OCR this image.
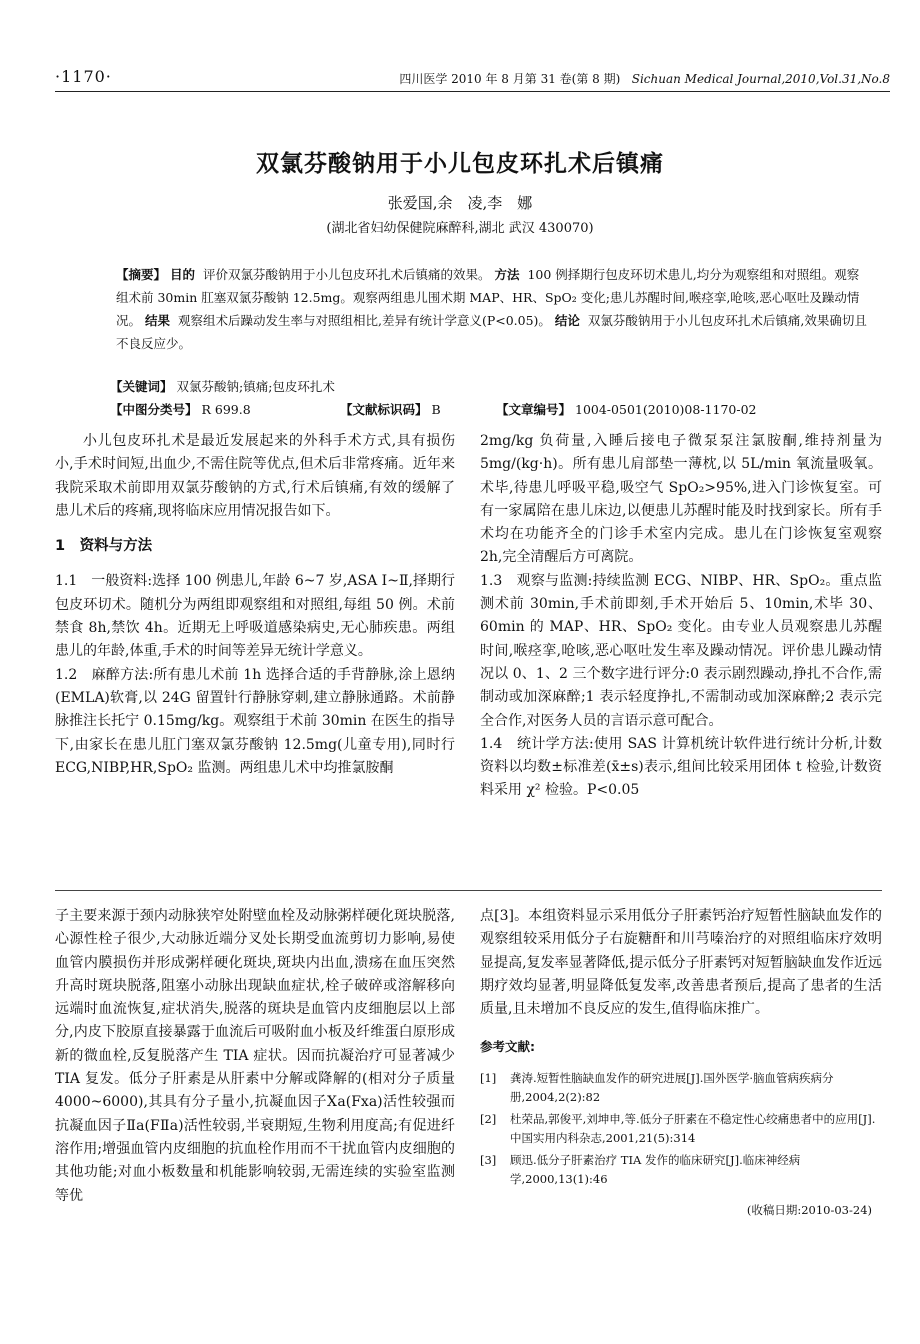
·1170·	四川医学 2010 年 8 月第 31 卷(第 8 期) Sichuan Medical Journal,2010,Vol.31,No.8
双氯芬酸钠用于小儿包皮环扎术后镇痛
张爱国,余　凌,李　娜
(湖北省妇幼保健院麻醉科,湖北 武汉 430070)
【摘要】 目的 评价双氯芬酸钠用于小儿包皮环扎术后镇痛的效果。 方法 100 例择期行包皮环切术患儿,均分为观察组和对照组。观察组术前 30min 肛塞双氯芬酸钠 12.5mg。观察两组患儿围术期 MAP、HR、SpO₂ 变化;患儿苏醒时间,喉痉挛,呛咳,恶心呕吐及躁动情况。 结果 观察组术后躁动发生率与对照组相比,差异有统计学意义(P<0.05)。 结论 双氯芬酸钠用于小儿包皮环扎术后镇痛,效果确切且不良反应少。
【关键词】 双氯芬酸钠;镇痛;包皮环扎术
【中图分类号】 R 699.8	【文献标识码】 B	【文章编号】 1004-0501(2010)08-1170-02

小儿包皮环扎术是最近发展起来的外科手术方式,具有损伤小,手术时间短,出血少,不需住院等优点,但术后非常疼痛。近年来我院采取术前即用双氯芬酸钠的方式,行术后镇痛,有效的缓解了患儿术后的疼痛,现将临床应用情况报告如下。

1　资料与方法

1.1　一般资料:选择 100 例患儿,年龄 6~7 岁,ASA Ⅰ~Ⅱ,择期行包皮环切术。随机分为两组即观察组和对照组,每组 50 例。术前禁食 8h,禁饮 4h。近期无上呼吸道感染病史,无心肺疾患。两组患儿的年龄,体重,手术的时间等差异无统计学意义。

1.2　麻醉方法:所有患儿术前 1h 选择合适的手背静脉,涂上恩纳(EMLA)软膏,以 24G 留置针行静脉穿刺,建立静脉通路。术前静脉推注长托宁 0.15mg/kg。观察组于术前 30min 在医生的指导下,由家长在患儿肛门塞双氯芬酸钠 12.5mg(儿童专用),同时行 ECG,NIBP,HR,SpO₂ 监测。两组患儿术中均推氯胺酮

2mg/kg 负荷量,入睡后接电子微泵泵注氯胺酮,维持剂量为 5mg/(kg·h)。所有患儿肩部垫一薄枕,以 5L/min 氧流量吸氧。术毕,待患儿呼吸平稳,吸空气 SpO₂>95%,进入门诊恢复室。可有一家属陪在患儿床边,以便患儿苏醒时能及时找到家长。所有手术均在功能齐全的门诊手术室内完成。患儿在门诊恢复室观察 2h,完全清醒后方可离院。

1.3　观察与监测:持续监测 ECG、NIBP、HR、SpO₂。重点监测术前 30min,手术前即刻,手术开始后 5、10min,术毕 30、60min 的 MAP、HR、SpO₂ 变化。由专业人员观察患儿苏醒时间,喉痉挛,呛咳,恶心呕吐发生率及躁动情况。评价患儿躁动情况以 0、1、2 三个数字进行评分:0 表示剧烈躁动,挣扎不合作,需制动或加深麻醉;1 表示轻度挣扎,不需制动或加深麻醉;2 表示完全合作,对医务人员的言语示意可配合。

1.4　统计学方法:使用 SAS 计算机统计软件进行统计分析,计数资料以均数±标准差(x̄±s)表示,组间比较采用团体 t 检验,计数资料采用 χ² 检验。P<0.05

子主要来源于颈内动脉狭窄处附壁血栓及动脉粥样硬化斑块脱落,心源性栓子很少,大动脉近端分叉处长期受血流剪切力影响,易使血管内膜损伤并形成粥样硬化斑块,斑块内出血,溃疡在血压突然升高时斑块脱落,阻塞小动脉出现缺血症状,栓子破碎或溶解移向远端时血流恢复,症状消失,脱落的斑块是血管内皮细胞层以上部分,内皮下胶原直接暴露于血流后可吸附血小板及纤维蛋白原形成新的微血栓,反复脱落产生 TIA 症状。因而抗凝治疗可显著减少 TIA 复发。低分子肝素是从肝素中分解或降解的(相对分子质量 4000~6000),其具有分子量小,抗凝血因子Ⅹa(Fxa)活性较强而抗凝血因子Ⅱa(FⅡa)活性较弱,半衰期短,生物利用度高;有促进纤溶作用;增强血管内皮细胞的抗血栓作用而不干扰血管内皮细胞的其他功能;对血小板数量和机能影响较弱,无需连续的实验室监测等优

点[3]。本组资料显示采用低分子肝素钙治疗短暂性脑缺血发作的观察组较采用低分子右旋糖酐和川芎嗪治疗的对照组临床疗效明显提高,复发率显著降低,提示低分子肝素钙对短暂脑缺血发作近远期疗效均显著,明显降低复发率,改善患者预后,提高了患者的生活质量,且未增加不良反应的发生,值得临床推广。

参考文献:
[1]	龚涛.短暂性脑缺血发作的研究进展[J].国外医学·脑血管病疾病分册,2004,2(2):82
[2]	杜荣品,郭俊平,刘坤申,等.低分子肝素在不稳定性心绞痛患者中的应用[J].中国实用内科杂志,2001,21(5):314
[3]	顾迅.低分子肝素治疗 TIA 发作的临床研究[J].临床神经病学,2000,13(1):46
(收稿日期:2010-03-24)
